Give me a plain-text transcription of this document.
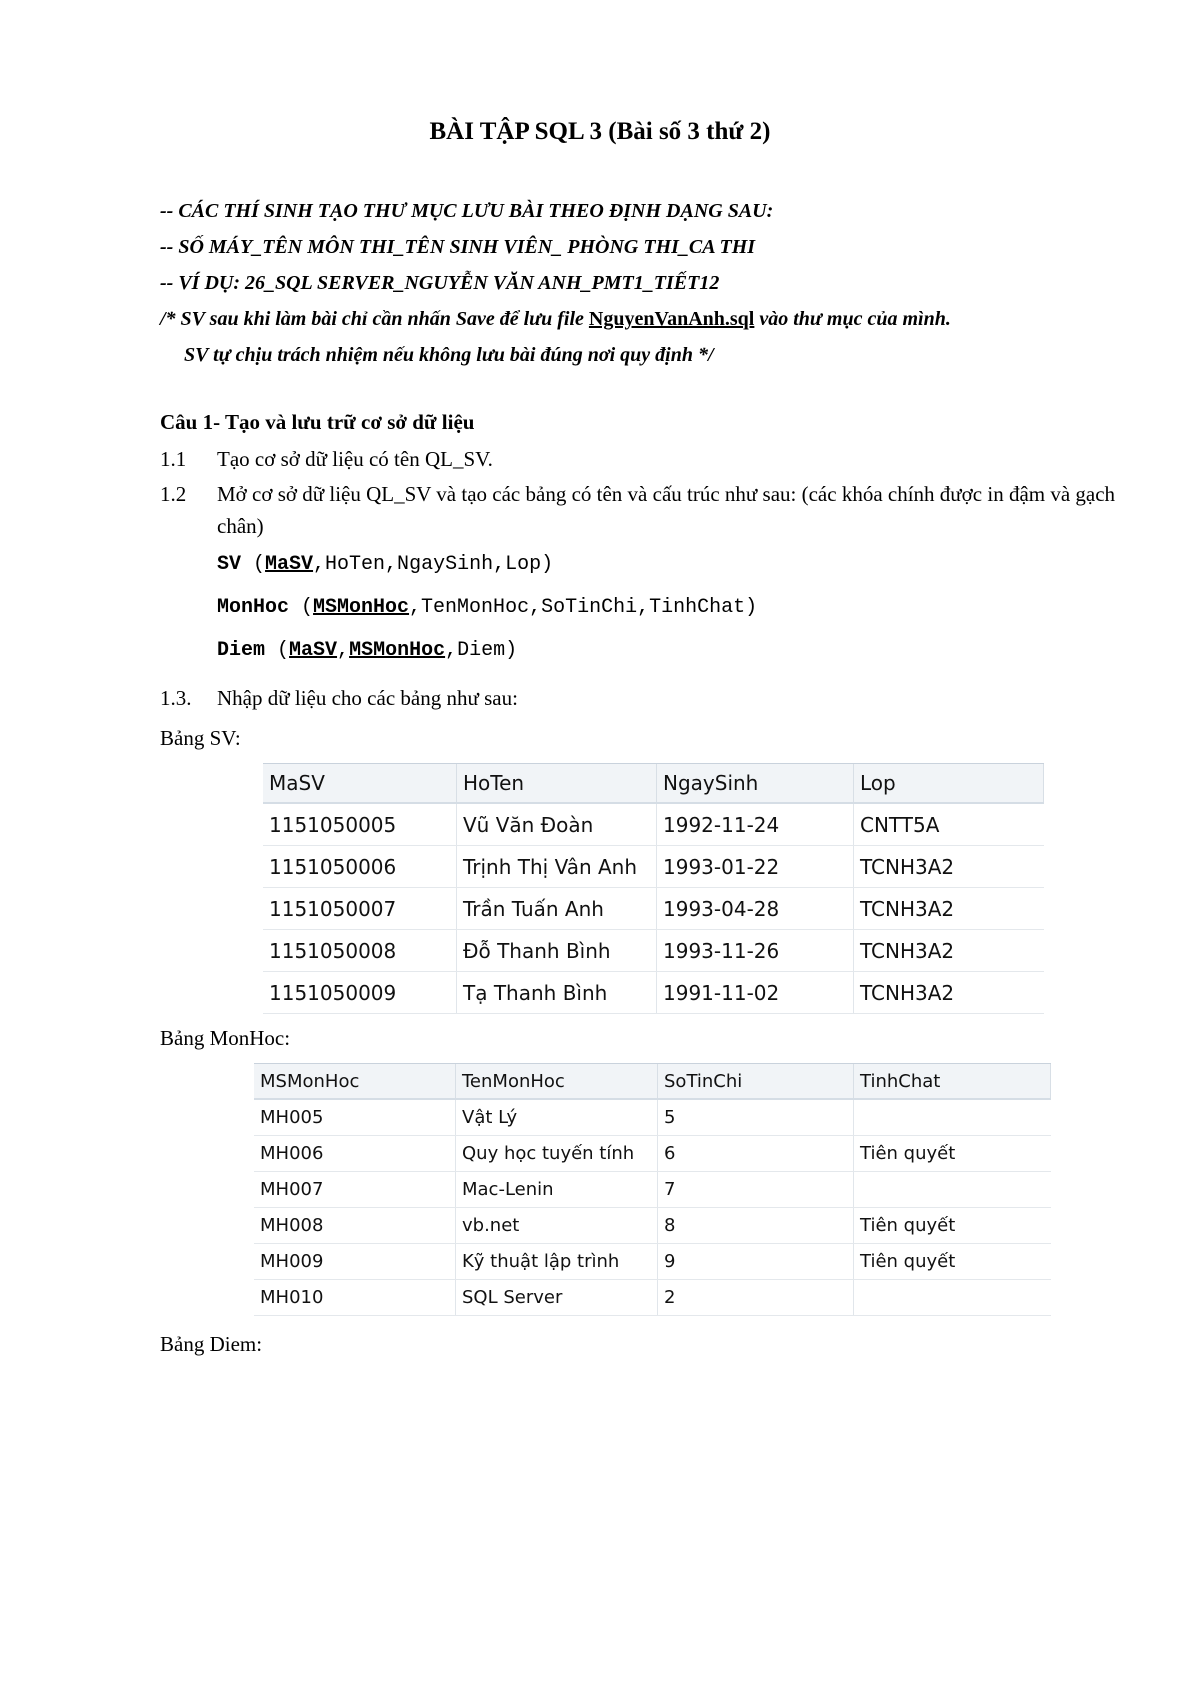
BÀI TẬP SQL 3 (Bài số 3 thứ 2)
-- CÁC THÍ SINH TẠO THƯ MỤC LƯU BÀI THEO ĐỊNH DẠNG SAU:
-- SỐ MÁY_TÊN MÔN THI_TÊN SINH VIÊN_ PHÒNG THI_CA THI
-- VÍ DỤ: 26_SQL SERVER_NGUYỄN VĂN ANH_PMT1_TIẾT12
/* SV sau khi làm bài chỉ cần nhấn Save để lưu file NguyenVanAnh.sql vào thư mục của mình.
SV tự chịu trách nhiệm nếu không lưu bài đúng nơi quy định */
Câu 1- Tạo và lưu trữ cơ sở dữ liệu
1.1	Tạo cơ sở dữ liệu có tên QL_SV.
1.2	Mở cơ sở dữ liệu QL_SV và tạo các bảng có tên và cấu trúc như sau: (các khóa chính được in đậm và gạch chân)
SV (MaSV,HoTen,NgaySinh,Lop)
MonHoc (MSMonHoc,TenMonHoc,SoTinChi,TinhChat)
Diem (MaSV,MSMonHoc,Diem)
1.3.	Nhập dữ liệu cho các bảng như sau:
Bảng SV:
MaSV	HoTen	NgaySinh	Lop
1151050005	Vũ Văn Đoàn	1992-11-24	CNTT5A
1151050006	Trịnh Thị Vân Anh	1993-01-22	TCNH3A2
1151050007	Trần Tuấn Anh	1993-04-28	TCNH3A2
1151050008	Đỗ Thanh Bình	1993-11-26	TCNH3A2
1151050009	Tạ Thanh Bình	1991-11-02	TCNH3A2
Bảng MonHoc:
MSMonHoc	TenMonHoc	SoTinChi	TinhChat
MH005	Vật Lý	5
MH006	Quy học tuyến tính	6	Tiên quyết
MH007	Mac-Lenin	7
MH008	vb.net	8	Tiên quyết
MH009	Kỹ thuật lập trình	9	Tiên quyết
MH010	SQL Server	2
Bảng Diem:
